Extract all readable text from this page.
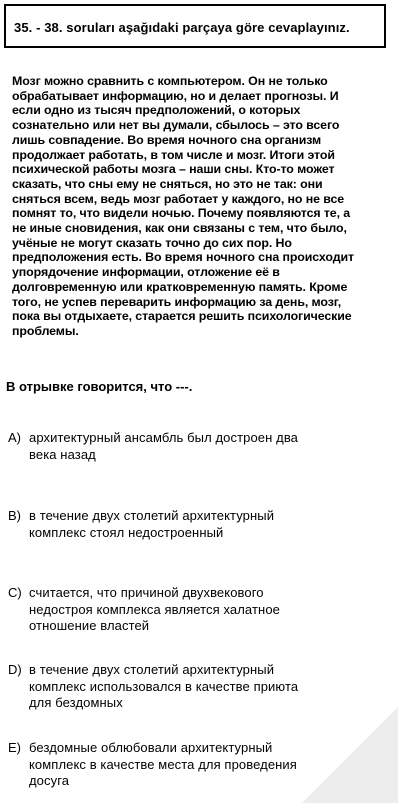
35. - 38. soruları aşağıdaki parçaya göre cevaplayınız.
Мозг можно сравнить с компьютером. Он не только
обрабатывает информацию, но и делает прогнозы. И
если одно из тысяч предположений, о которых
сознательно или нет вы думали, сбылось – это всего
лишь совпадение. Во время ночного сна организм
продолжает работать, в том числе и мозг. Итоги этой
психической работы мозга – наши сны. Кто-то может
сказать, что сны ему не сняться, но это не так: они
сняться всем, ведь мозг работает у каждого, но не все
помнят то, что видели ночью. Почему появляются те, а
не иные сновидения, как они связаны с тем, что было,
учёные не могут сказать точно до сих пор. Но
предположения есть. Во время ночного сна происходит
упорядочение информации, отложение её в
долговременную или кратковременную память. Кроме
того, не успев переварить информацию за день, мозг,
пока вы отдыхаете, старается решить психологические
проблемы.
В отрывке говорится, что ---.
A) архитектурный ансамбль был достроен два
века назад
B) в течение двух столетий архитектурный
комплекс стоял недостроенный
C) считается, что причиной двухвекового
недостроя комплекса является халатное
отношение властей
D) в течение двух столетий архитектурный
комплекс использовался в качестве приюта
для бездомных
E) бездомные облюбовали архитектурный
комплекс в качестве места для проведения
досуга
